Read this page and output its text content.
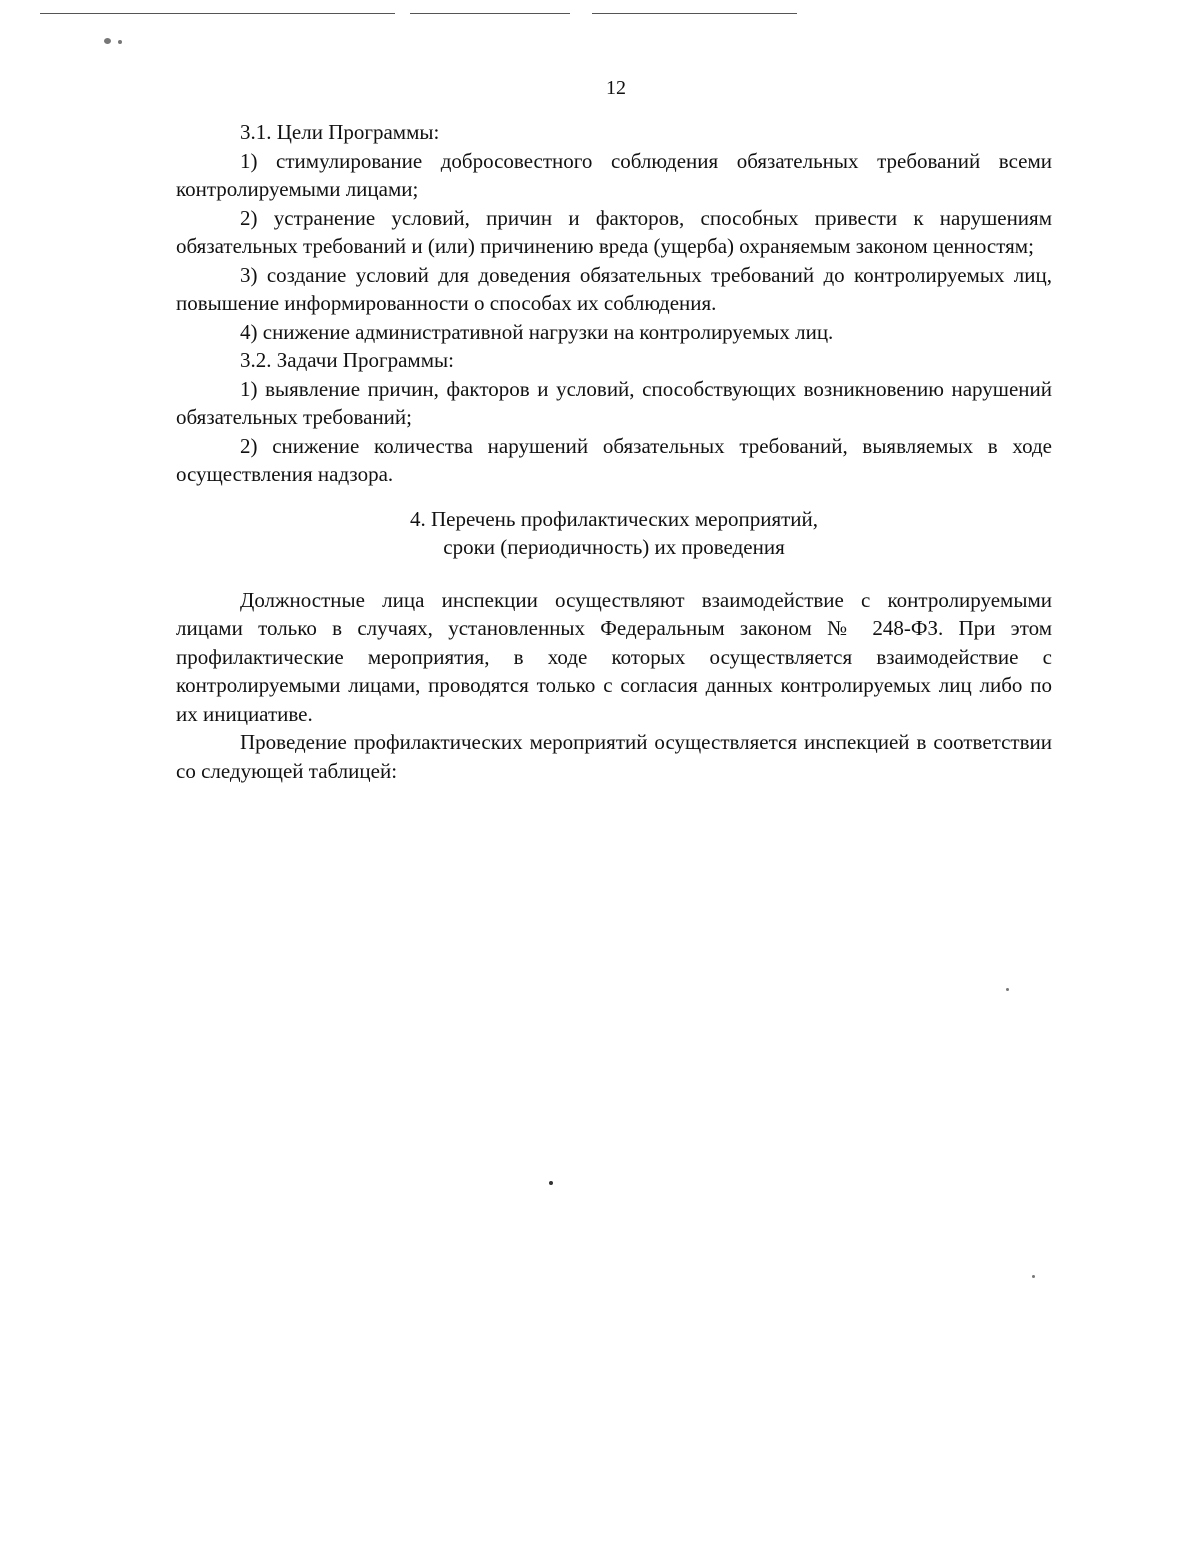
12

3.1. Цели Программы:

1) стимулирование добросовестного соблюдения обязательных требований всеми контролируемыми лицами;

2) устранение условий, причин и факторов, способных привести к нарушениям обязательных требований и (или) причинению вреда (ущерба) охраняемым законом ценностям;

3) создание условий для доведения обязательных требований до контролируемых лиц, повышение информированности о способах их соблюдения.

4) снижение административной нагрузки на контролируемых лиц.

3.2. Задачи Программы:

1) выявление причин, факторов и условий, способствующих возникновению нарушений обязательных требований;

2) снижение количества нарушений обязательных требований, выявляемых в ходе осуществления надзора.

4. Перечень профилактических мероприятий,
сроки (периодичность) их проведения

Должностные лица инспекции осуществляют взаимодействие с контролируемыми лицами только в случаях, установленных Федеральным законом № 248-ФЗ. При этом профилактические мероприятия, в ходе которых осуществляется взаимодействие с контролируемыми лицами, проводятся только с согласия данных контролируемых лиц либо по их инициативе.

Проведение профилактических мероприятий осуществляется инспекцией в соответствии со следующей таблицей:
